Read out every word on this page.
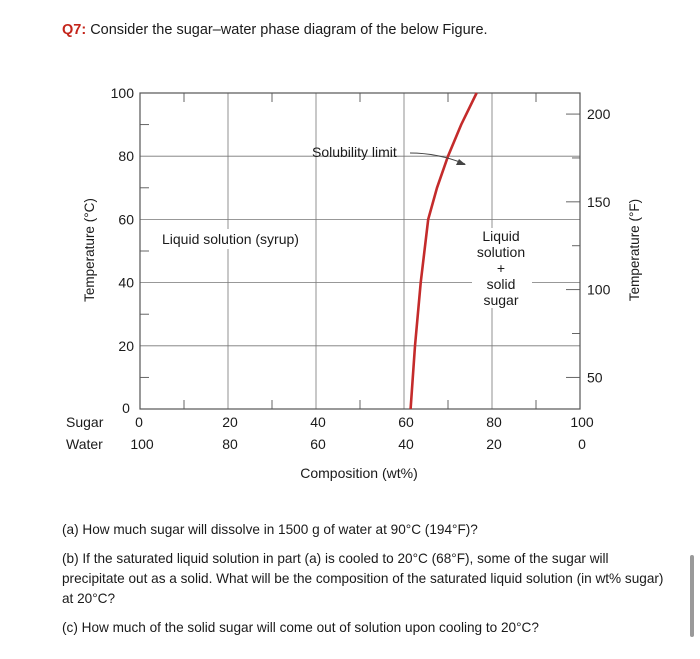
Q7: Consider the sugar–water phase diagram of the below Figure.
20
40
60
80
100
50
100
150
200
0
100
20
80
40
60
60
40
80
20
100
0
Temperature (°C)	Temperature (°F)
Composition (wt%)
Sugar
Water
0
Solubility limit
Liquid solution (syrup)	Liquid
solution
+
solid
sugar

(a) How much sugar will dissolve in 1500 g of water at 90°C (194°F)?

(b) If the saturated liquid solution in part (a) is cooled to 20°C (68°F), some of the sugar will precipitate out as a solid. What will be the composition of the saturated liquid solution (in wt% sugar) at 20°C?

(c) How much of the solid sugar will come out of solution upon cooling to 20°C?
